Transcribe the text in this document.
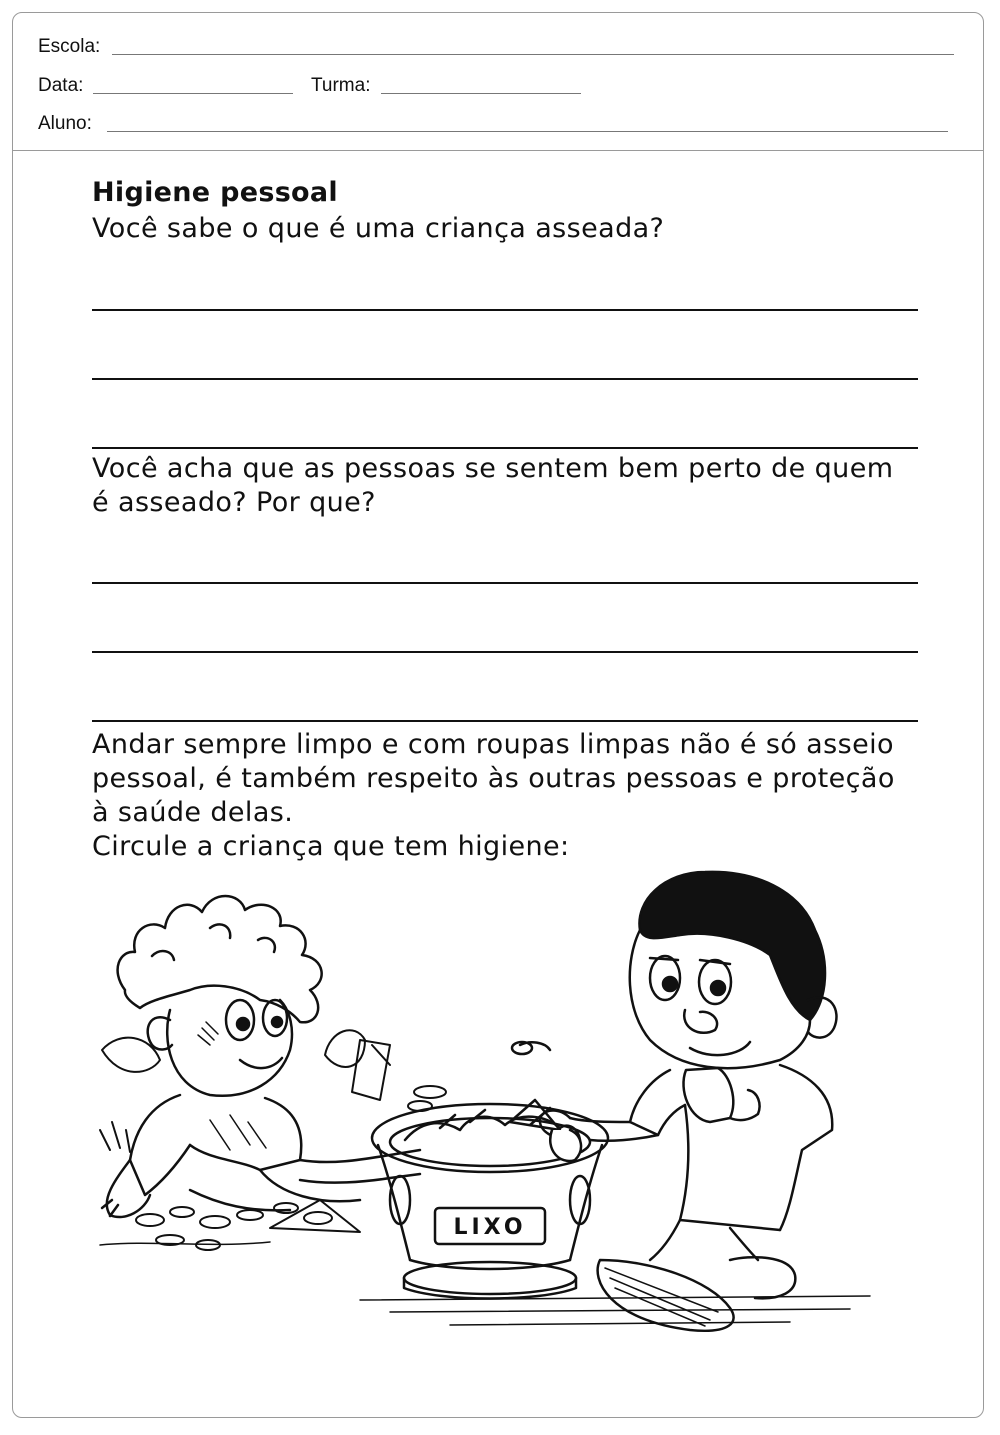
Escola:
Data:	Turma:
Aluno:
Higiene pessoal

Você sabe o que é uma criança asseada?

Você acha que as pessoas se sentem bem perto de quem
é asseado? Por que?

Andar sempre limpo e com roupas limpas não é só asseio
pessoal, é também respeito às outras pessoas e proteção
à saúde delas.

Circule a criança que tem higiene:

LIXO
